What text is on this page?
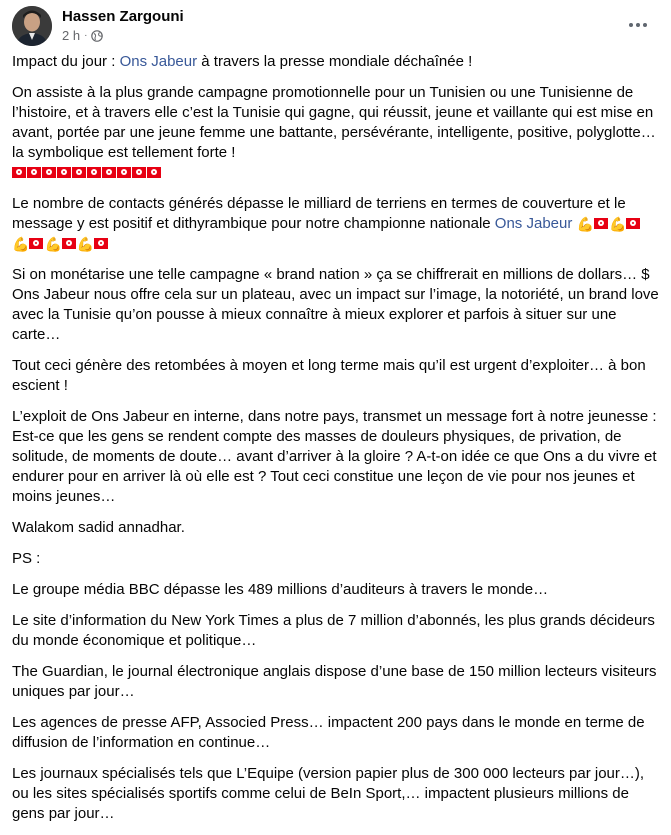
Hassen Zargouni
2 h ·

Impact du jour : Ons Jabeur à travers la presse mondiale déchaînée !

On assiste à la plus grande campagne promotionnelle pour un Tunisien ou une Tunisienne de l’histoire, et à travers elle c’est la Tunisie qui gagne, qui réussit, jeune et vaillante qui est mise en avant, portée par une jeune femme une battante, persévérante, intelligente, positive, polyglotte… la symbolique est tellement forte !

Le nombre de contacts générés dépasse le milliard de terriens en termes de couverture et le message y est positif et dithyrambique pour notre championne nationale Ons Jabeur 💪 💪
💪 💪 💪

Si on monétarise une telle campagne « brand nation » ça se chiffrerait en millions de dollars… $ Ons Jabeur nous offre cela sur un plateau, avec un impact sur l’image, la notoriété, un brand love avec la Tunisie qu’on pousse à mieux connaître à mieux explorer et parfois à situer sur une carte…

Tout ceci génère des retombées à moyen et long terme mais qu’il est urgent d’exploiter… à bon escient !

L’exploit de Ons Jabeur en interne, dans notre pays, transmet un message fort à notre jeunesse : Est-ce que les gens se rendent compte des masses de douleurs physiques, de privation, de solitude, de moments de doute… avant d’arriver à la gloire ? A-t-on idée ce que Ons a du vivre et endurer pour en arriver là où elle est ? Tout ceci constitue une leçon de vie pour nos jeunes et moins jeunes…

Walakom sadid annadhar.

PS :

Le groupe média BBC dépasse les 489 millions d’auditeurs à travers le monde…

Le site d’information du New York Times a plus de 7 million d’abonnés, les plus grands décideurs du monde économique et politique…

The Guardian, le journal électronique anglais dispose d’une base de 150 million lecteurs visiteurs uniques par jour…

Les agences de presse AFP, Associed Press… impactent 200 pays dans le monde en terme de diffusion de l’information en continue…

Les journaux spécialisés tels que L’Equipe (version papier plus de 300 000 lecteurs par jour…), ou les sites spécialisés sportifs comme celui de BeIn Sport,… impactent plusieurs millions de gens par jour…
